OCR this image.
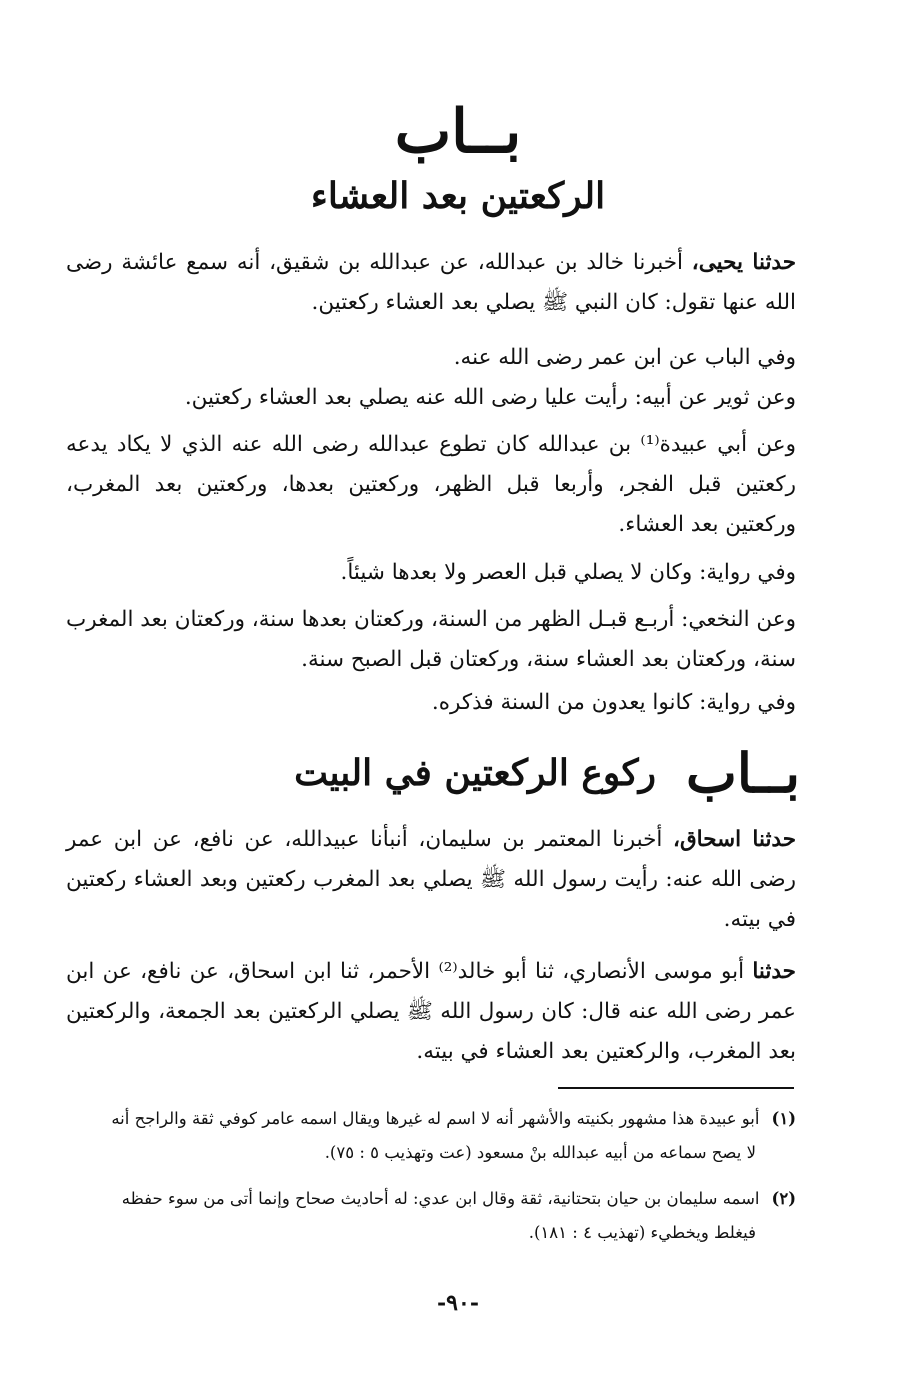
بــاب
الركعتين بعد العشاء

حدثنا يحيى، أخبرنا خالد بن عبدالله، عن عبدالله بن شقيق، أنه سمع عائشة رضى الله عنها تقول: كان النبي ﷺ يصلي بعد العشاء ركعتين.

وفي الباب عن ابن عمر رضى الله عنه.

وعن ثوير عن أبيه: رأيت عليا رضى الله عنه يصلي بعد العشاء ركعتين.

وعن أبي عبيدة⁽¹⁾ بن عبدالله كان تطوع عبدالله رضى الله عنه الذي لا يكاد يدعه ركعتين قبل الفجر، وأربعا قبل الظهر، وركعتين بعدها، وركعتين بعد المغرب، وركعتين بعد العشاء.

وفي رواية: وكان لا يصلي قبل العصر ولا بعدها شيئاً.

وعن النخعي: أربـع قبـل الظهر من السنة، وركعتان بعدها سنة، وركعتان بعد المغرب سنة، وركعتان بعد العشاء سنة، وركعتان قبل الصبح سنة.

وفي رواية: كانوا يعدون من السنة فذكره.

بــاب
ركوع الركعتين في البيت

حدثنا اسحاق، أخبرنا المعتمر بن سليمان، أنبأنا عبيدالله، عن نافع، عن ابن عمر رضى الله عنه: رأيت رسول الله ﷺ يصلي بعد المغرب ركعتين وبعد العشاء ركعتين في بيته.

حدثنا أبو موسى الأنصاري، ثنا أبو خالد⁽²⁾ الأحمر، ثنا ابن اسحاق، عن نافع، عن ابن عمر رضى الله عنه قال: كان رسول الله ﷺ يصلي الركعتين بعد الجمعة، والركعتين بعد المغرب، والركعتين بعد العشاء في بيته.

(١)أبو عبيدة هذا مشهور بكنيته والأشهر أنه لا اسم له غيرها ويقال اسمه عامر كوفي ثقة والراجح أنه
لا يصح سماعه من أبيه عبدالله بنْ مسعود (عت وتهذيب ٥ : ٧٥).

(٢)اسمه سليمان بن حيان بتحتانية، ثقة وقال ابن عدي: له أحاديث صحاح وإنما أتى من سوء حفظه
فيغلط ويخطيء (تهذيب ٤ : ١٨١).

-٩٠-
